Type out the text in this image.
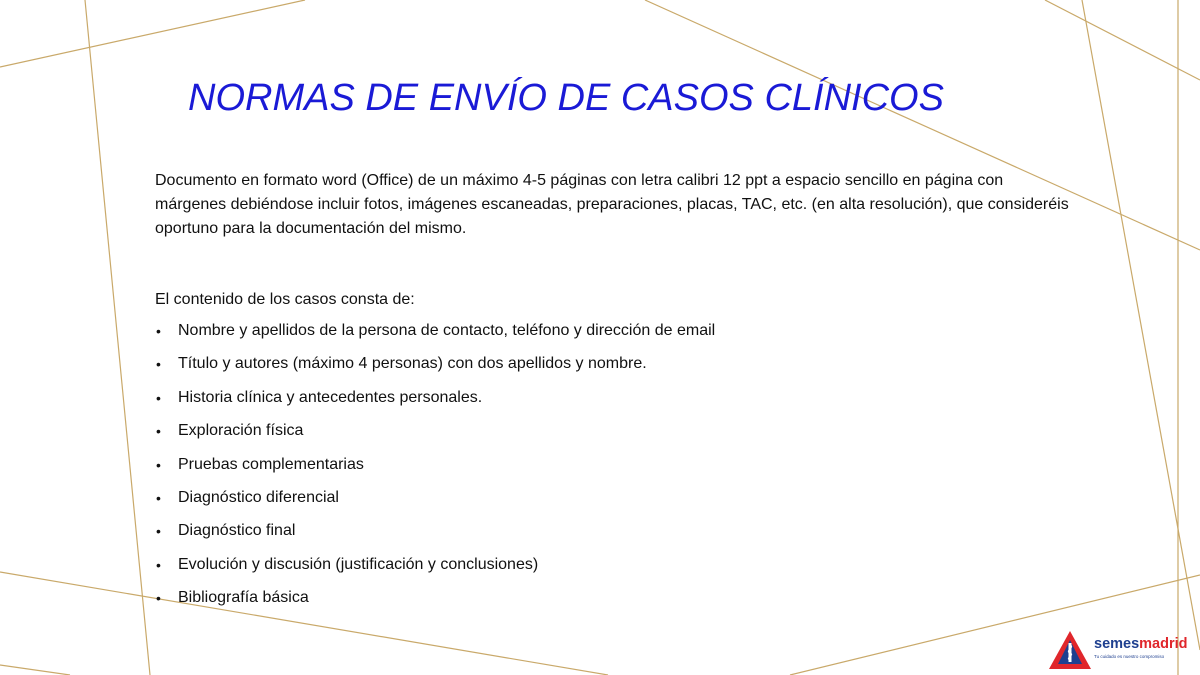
NORMAS DE ENVÍO DE CASOS CLÍNICOS

Documento en formato word (Office) de un máximo 4-5 páginas con letra calibri 12 ppt a espacio sencillo en página con márgenes debiéndose incluir fotos, imágenes escaneadas, preparaciones, placas, TAC, etc. (en alta resolución), que consideréis oportuno para la documentación del mismo.

El contenido de los casos consta de:

• Nombre y apellidos de la persona de contacto, teléfono y dirección de email
• Título y autores (máximo 4 personas) con dos apellidos y nombre.
• Historia clínica y antecedentes personales.
• Exploración física
• Pruebas complementarias
• Diagnóstico diferencial
• Diagnóstico final
• Evolución y discusión (justificación y conclusiones)
• Bibliografía básica
semesmadrid
Tu cuidado es nuestro compromiso
